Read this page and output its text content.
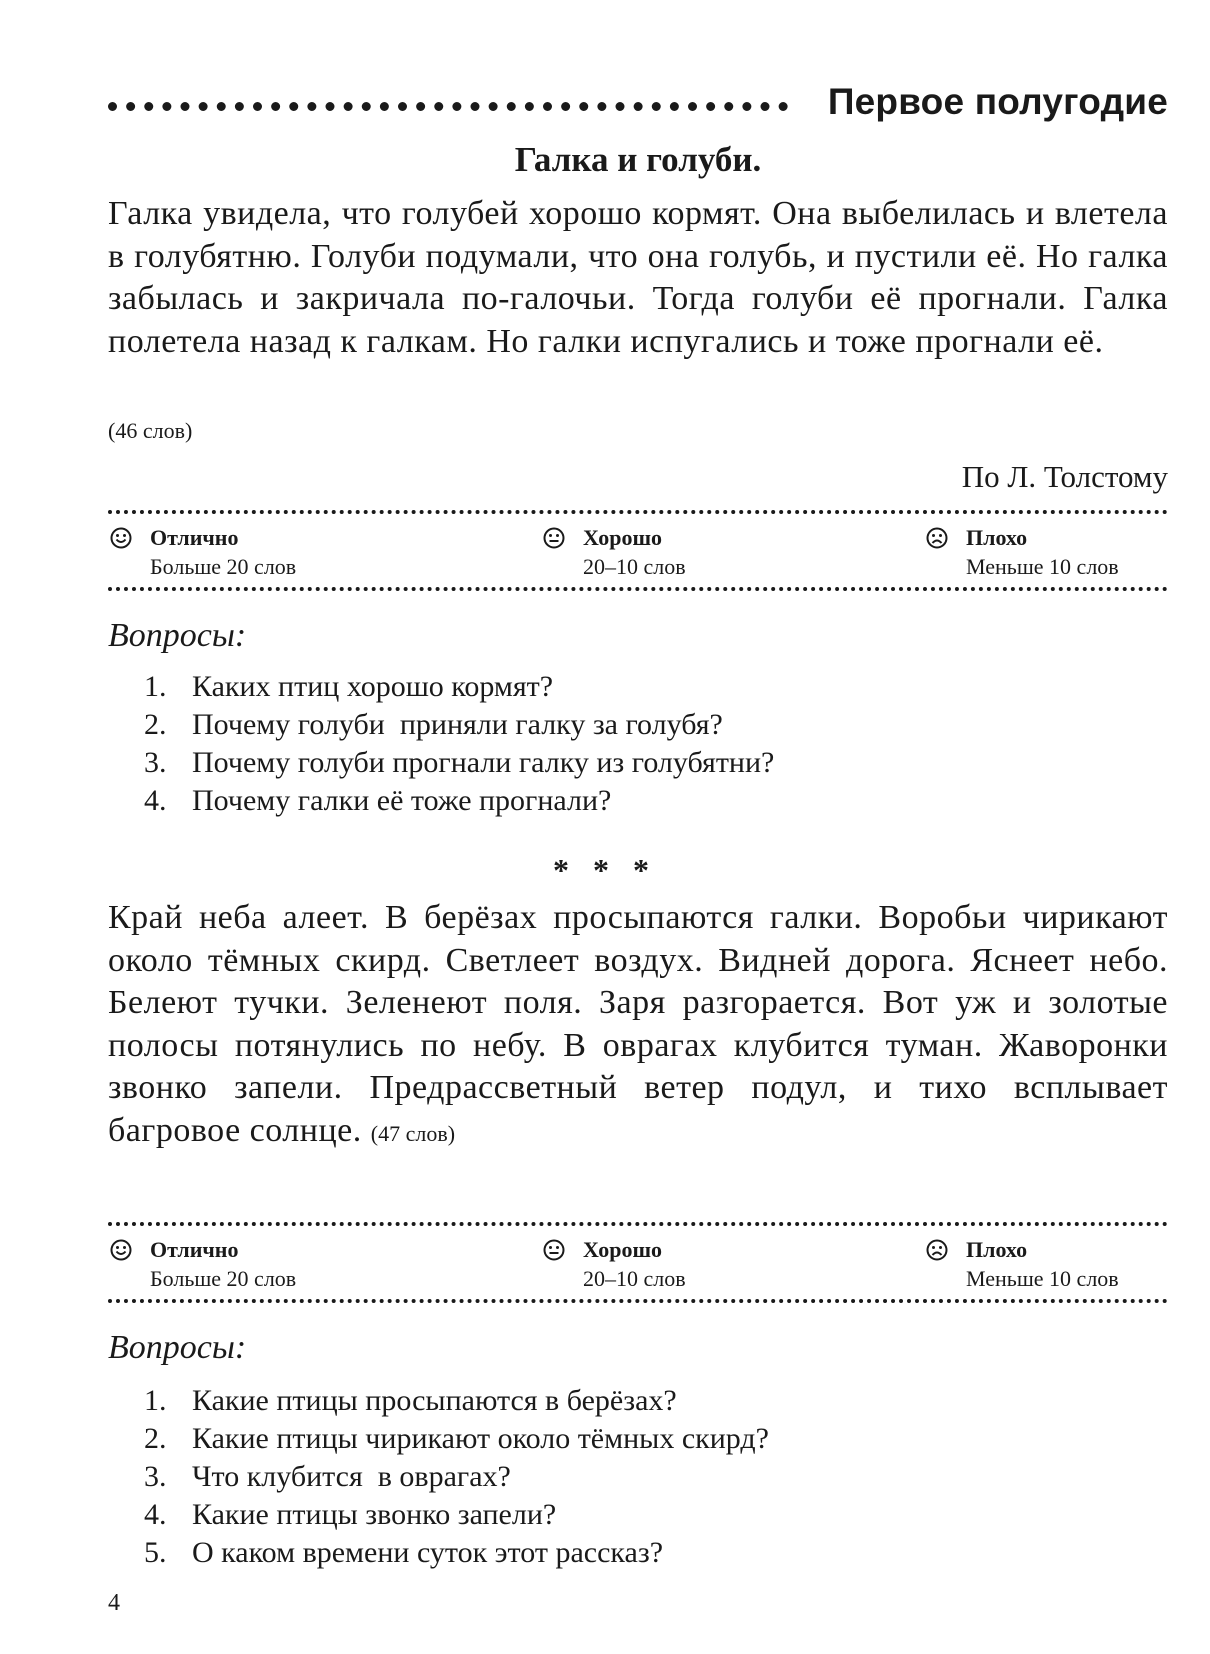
Первое полугодие
Галка и голуби.
Галка увидела, что голубей хорошо кормят. Она выбелилась и влетела в голубятню. Голуби подумали, что она голубь, и пустили её. Но галка забылась и закричала по-галочьи. Тогда голуби её прогнали. Галка полетела назад к галкам. Но галки испугались и тоже прогнали её.
(46 слов)
По Л. Толстому
Отлично
Больше 20 слов
Хорошо
20–10 слов
Плохо
Меньше 10 слов
Вопросы:
1. Каких птиц хорошо кормят?
2. Почему голуби  приняли галку за голубя?
3. Почему голуби прогнали галку из голубятни?
4. Почему галки её тоже прогнали?
* * *
Край неба алеет. В берёзах просыпаются галки. Воробьи чирикают около тёмных скирд. Светлеет воздух. Видней дорога. Яснеет небо. Белеют тучки. Зеленеют поля. Заря разгорается. Вот уж и золотые полосы потянулись по небу. В оврагах клубится туман. Жаворонки звонко запели. Предрассветный ветер подул, и тихо всплывает багровое солнце. (47 слов)
Отлично
Больше 20 слов
Хорошо
20–10 слов
Плохо
Меньше 10 слов
Вопросы:
1. Какие птицы просыпаются в берёзах?
2. Какие птицы чирикают около тёмных скирд?
3. Что клубится  в оврагах?
4. Какие птицы звонко запели?
5. О каком времени суток этот рассказ?
4
